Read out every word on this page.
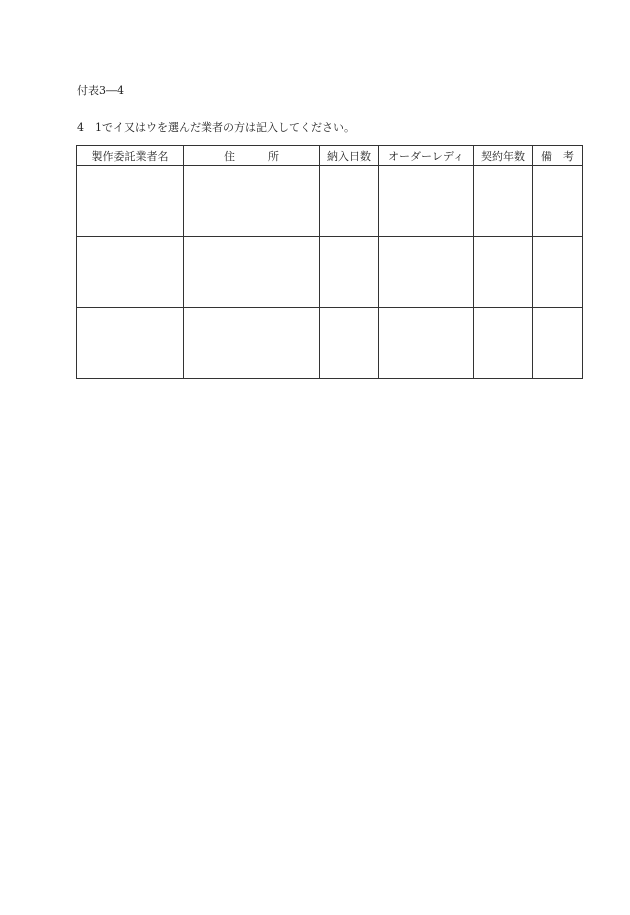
付表3―4
4　1でイ又はウを選んだ業者の方は記入してください。
製作委託業者名	住　　　所	納入日数	オーダーレディ	契約年数	備　考
